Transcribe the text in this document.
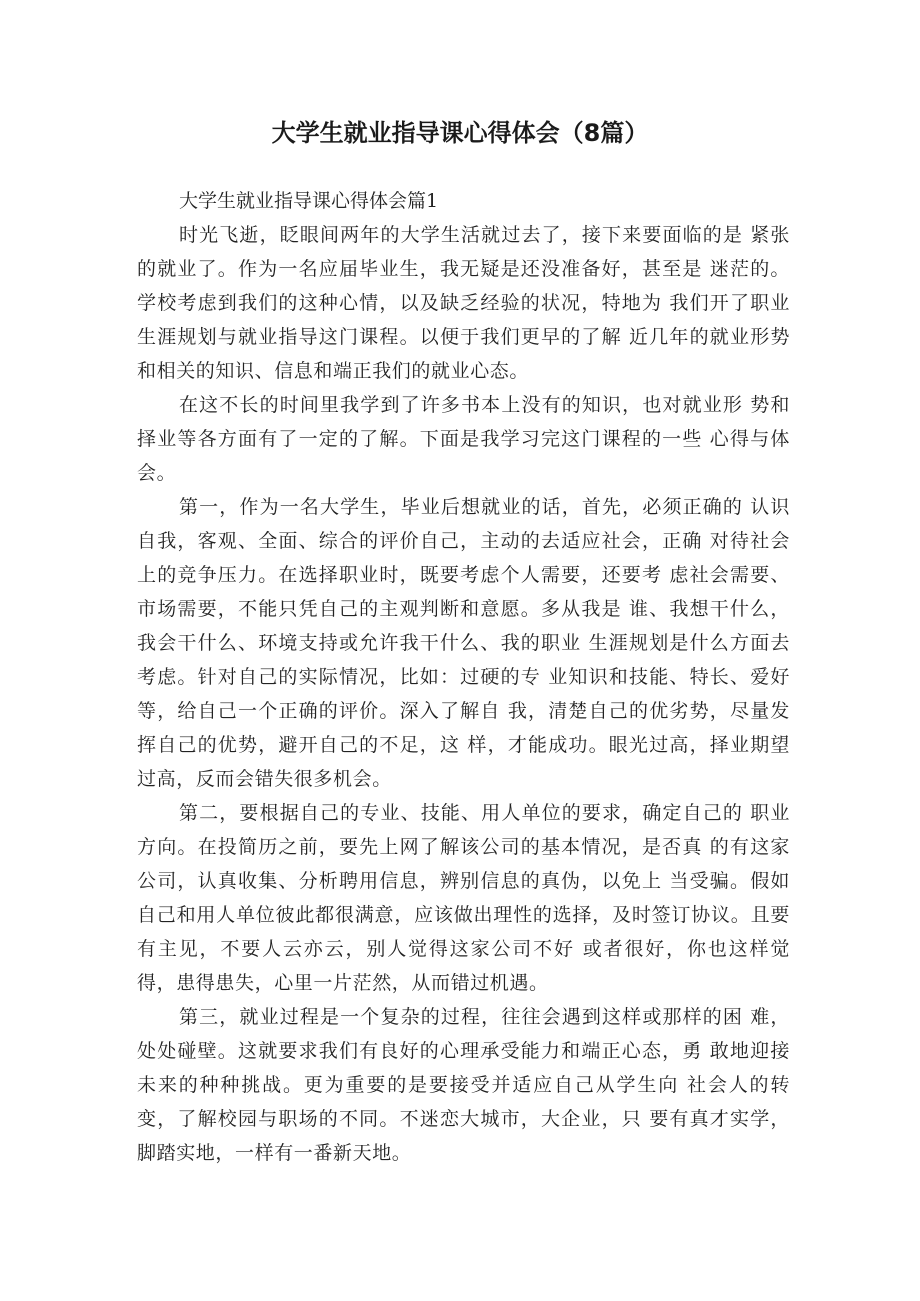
大学生就业指导课心得体会（8篇）

大学生就业指导课心得体会篇1

时光飞逝，眨眼间两年的大学生活就过去了，接下来要面临的是 紧张的就业了。作为一名应届毕业生，我无疑是还没准备好，甚至是 迷茫的。学校考虑到我们的这种心情，以及缺乏经验的状况，特地为 我们开了职业生涯规划与就业指导这门课程。以便于我们更早的了解 近几年的就业形势和相关的知识、信息和端正我们的就业心态。

在这不长的时间里我学到了许多书本上没有的知识，也对就业形 势和择业等各方面有了一定的了解。下面是我学习完这门课程的一些 心得与体会。

第一，作为一名大学生，毕业后想就业的话，首先，必须正确的 认识自我，客观、全面、综合的评价自己，主动的去适应社会，正确 对待社会上的竞争压力。在选择职业时，既要考虑个人需要，还要考 虑社会需要、市场需要，不能只凭自己的主观判断和意愿。多从我是 谁、我想干什么，我会干什么、环境支持或允许我干什么、我的职业 生涯规划是什么方面去考虑。针对自己的实际情况，比如：过硬的专 业知识和技能、特长、爱好等，给自己一个正确的评价。深入了解自 我，清楚自己的优劣势，尽量发挥自己的优势，避开自己的不足，这 样，才能成功。眼光过高，择业期望过高，反而会错失很多机会。

第二，要根据自己的专业、技能、用人单位的要求，确定自己的 职业方向。在投简历之前，要先上网了解该公司的基本情况，是否真 的有这家公司，认真收集、分析聘用信息，辨别信息的真伪，以免上 当受骗。假如自己和用人单位彼此都很满意，应该做出理性的选择，及时签订协议。且要有主见，不要人云亦云，别人觉得这家公司不好 或者很好，你也这样觉得，患得患失，心里一片茫然，从而错过机遇。

第三，就业过程是一个复杂的过程，往往会遇到这样或那样的困 难，处处碰壁。这就要求我们有良好的心理承受能力和端正心态，勇 敢地迎接未来的种种挑战。更为重要的是要接受并适应自己从学生向 社会人的转变，了解校园与职场的不同。不迷恋大城市，大企业，只 要有真才实学，脚踏实地，一样有一番新天地。
